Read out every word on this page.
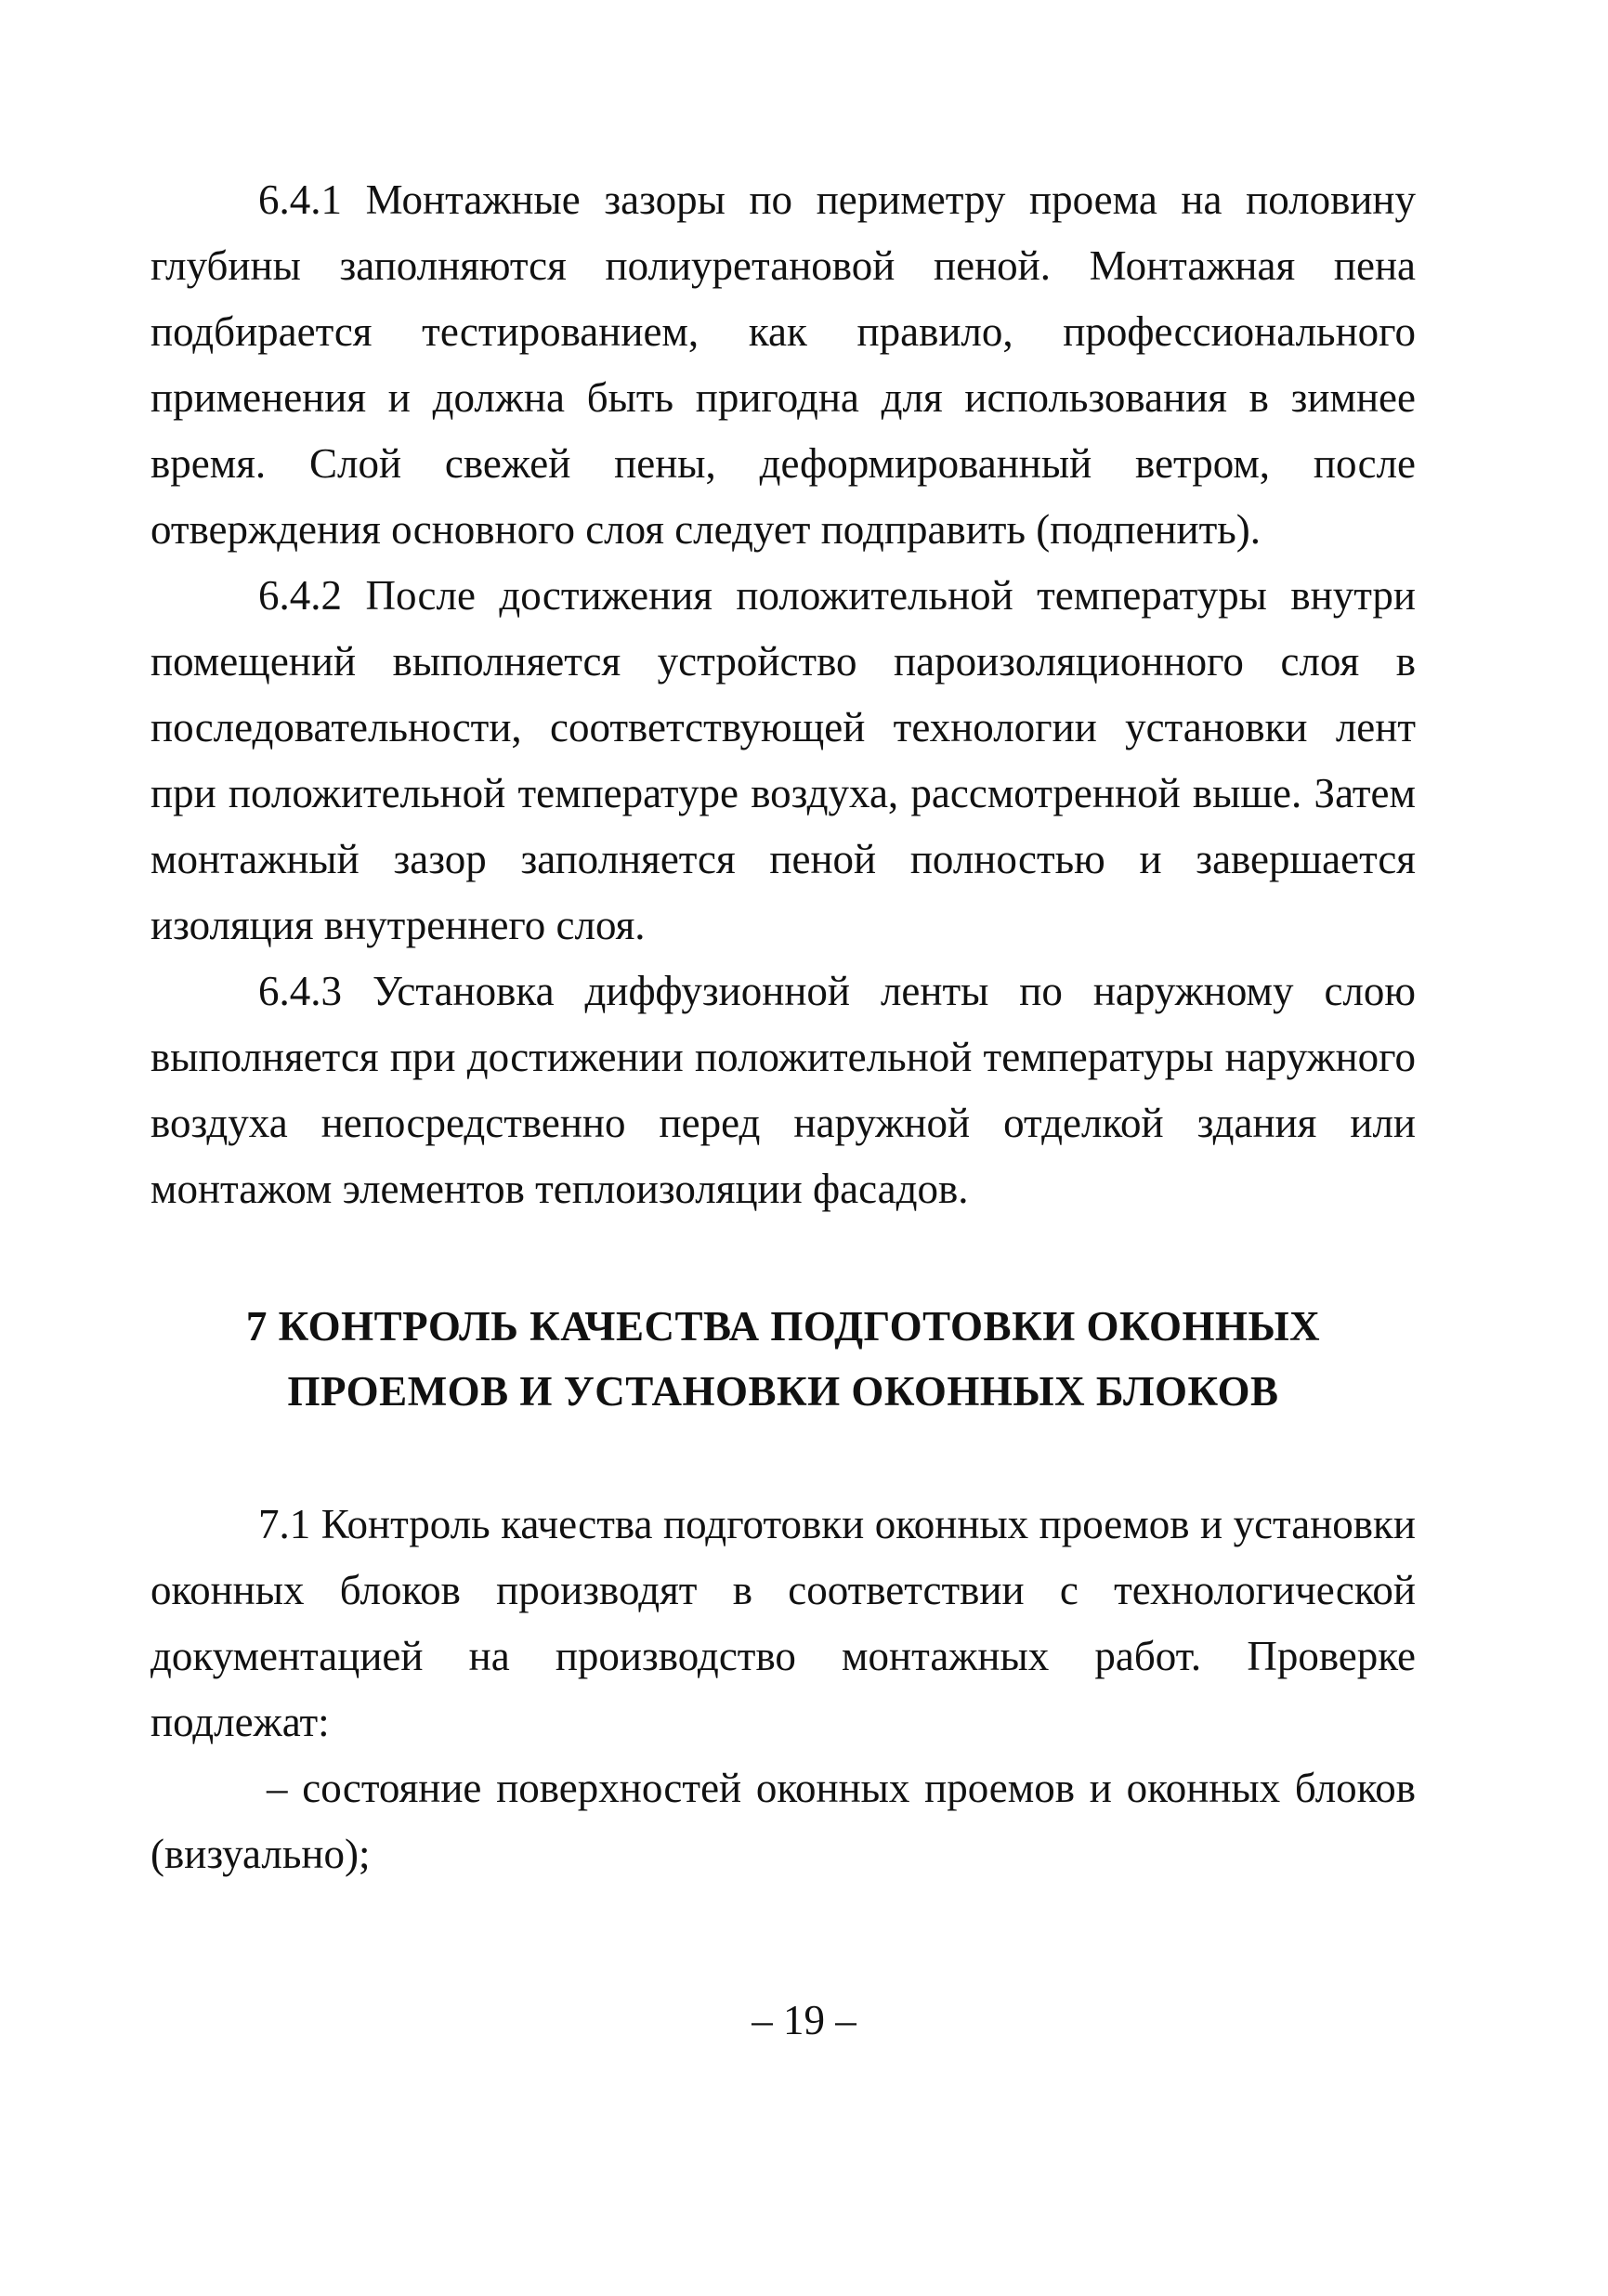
6.4.1 Монтажные зазоры по периметру проема на половину глубины заполняются полиуретановой пеной. Монтажная пена подбирается тестированием, как правило, профессионального применения и должна быть пригодна для использования в зимнее время. Слой свежей пены, деформированный ветром, после отверждения основного слоя следует подправить (подпенить).

6.4.2 После достижения положительной температуры внутри помещений выполняется устройство пароизоляционного слоя в последовательности, соответствующей технологии установки лент при положительной температуре воздуха, рассмотренной выше. Затем монтажный зазор заполняется пеной полностью и завершается изоляция внутреннего слоя.

6.4.3 Установка диффузионной ленты по наружному слою выполняется при достижении положительной температуры наружного воздуха непосредственно перед наружной отделкой здания или монтажом элементов теплоизоляции фасадов.

7 КОНТРОЛЬ КАЧЕСТВА ПОДГОТОВКИ ОКОННЫХ
ПРОЕМОВ И УСТАНОВКИ ОКОННЫХ БЛОКОВ

7.1 Контроль качества подготовки оконных проемов и установки оконных блоков производят в соответствии с технологической документацией на производство монтажных работ. Проверке подлежат:

– состояние поверхностей оконных проемов и оконных блоков (визуально);

– 19 –
